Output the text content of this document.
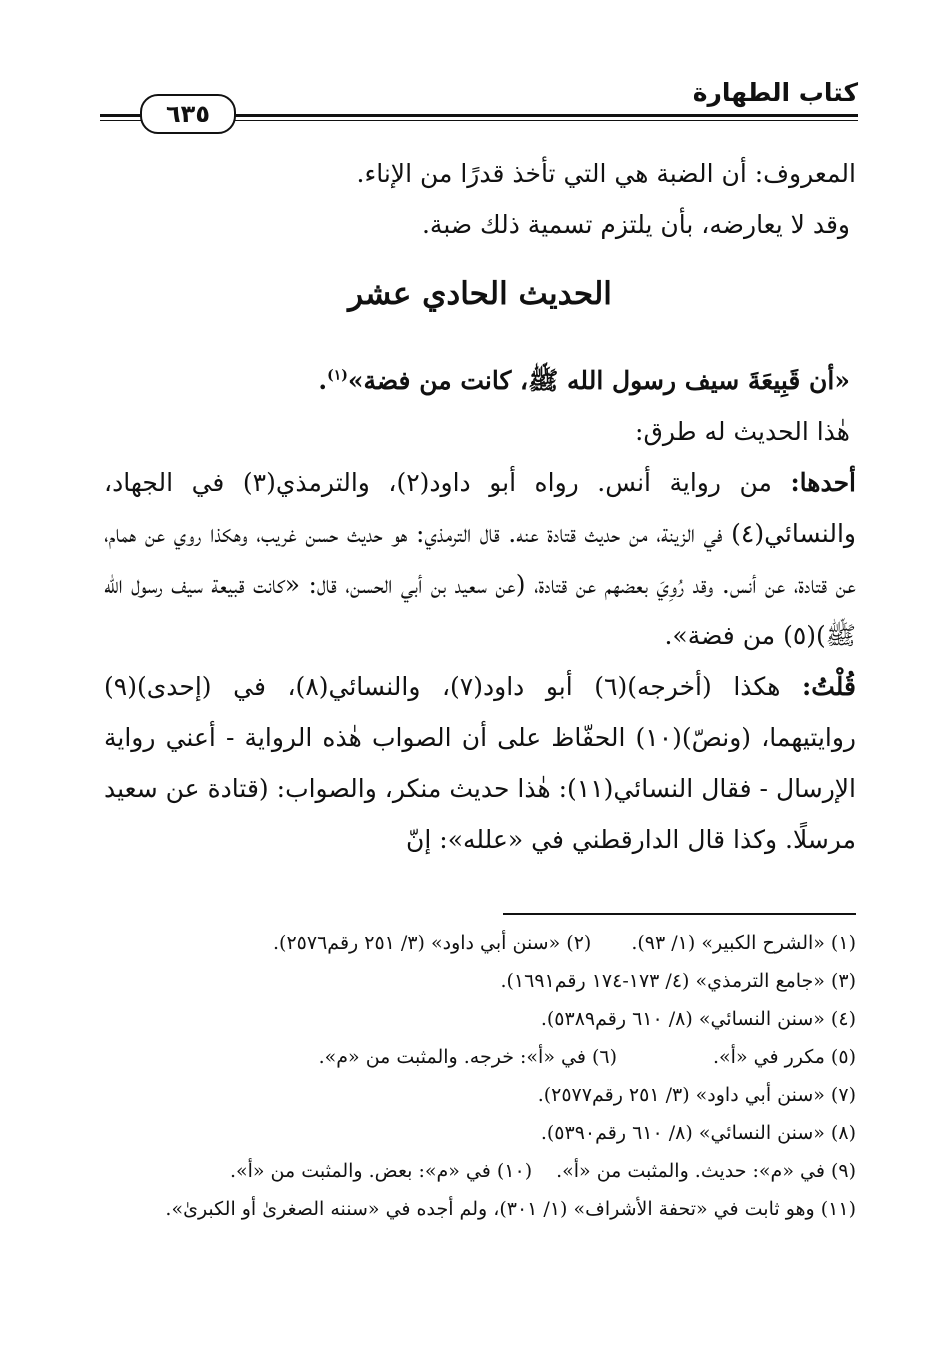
كتاب الطهارة
٦٣٥

المعروف: أن الضبة هي التي تأخذ قدرًا من الإناء.

وقد لا يعارضه، بأن يلتزم تسمية ذلك ضبة.

الحديث الحادي عشر

«أن قَبِيعَةَ سيف رسول الله ﷺ، كانت من فضة»$^{(١)}$.

هٰذا الحديث له طرق:

أحدها: من رواية أنس. رواه أبو داود(٢)، والترمذي(٣) في الجهاد، والنسائي(٤) في الزينة، من حديث قتادة عنه. قال الترمذي: هو حديث حسن غريب، وهكذا روي عن همام، عن قتادة، عن أنس. وقد رُوِيَ بعضهم عن قتادة، (عن سعيد بن أبي الحسن، قال: «كانت قبيعة سيف رسول الله ﷺ)(٥) من فضة».

قُلْتُ: هكذا (أخرجه)(٦) أبو داود(٧)، والنسائي(٨)، في (إحدى)(٩) روايتيهما، (ونصّ)(١٠) الحفّاظ على أن الصواب هٰذه الرواية - أعني رواية الإرسال - فقال النسائي(١١): هٰذا حديث منكر، والصواب: (قتادة عن سعيد مرسلًا. وكذا قال الدارقطني في «علله»: إنّ

(١) «الشرح الكبير» (١/ ٩٣).
(٢) «سنن أبي داود» (٣/ ٢٥١ رقم٢٥٧٦).
(٣) «جامع الترمذي» (٤/ ١٧٣-١٧٤ رقم١٦٩١).
(٤) «سنن النسائي» (٨/ ٦١٠ رقم٥٣٨٩).
(٥) مكرر في «أ».
(٦) في «أ»: خرجه. والمثبت من «م».
(٧) «سنن أبي داود» (٣/ ٢٥١ رقم٢٥٧٧).
(٨) «سنن النسائي» (٨/ ٦١٠ رقم٥٣٩٠).
(٩) في «م»: حديث. والمثبت من «أ».
(١٠) في «م»: بعض. والمثبت من «أ».
(١١) وهو ثابت في «تحفة الأشراف» (١/ ٣٠١)، ولم أجده في «سننه الصغرىٰ أو الكبرىٰ».
